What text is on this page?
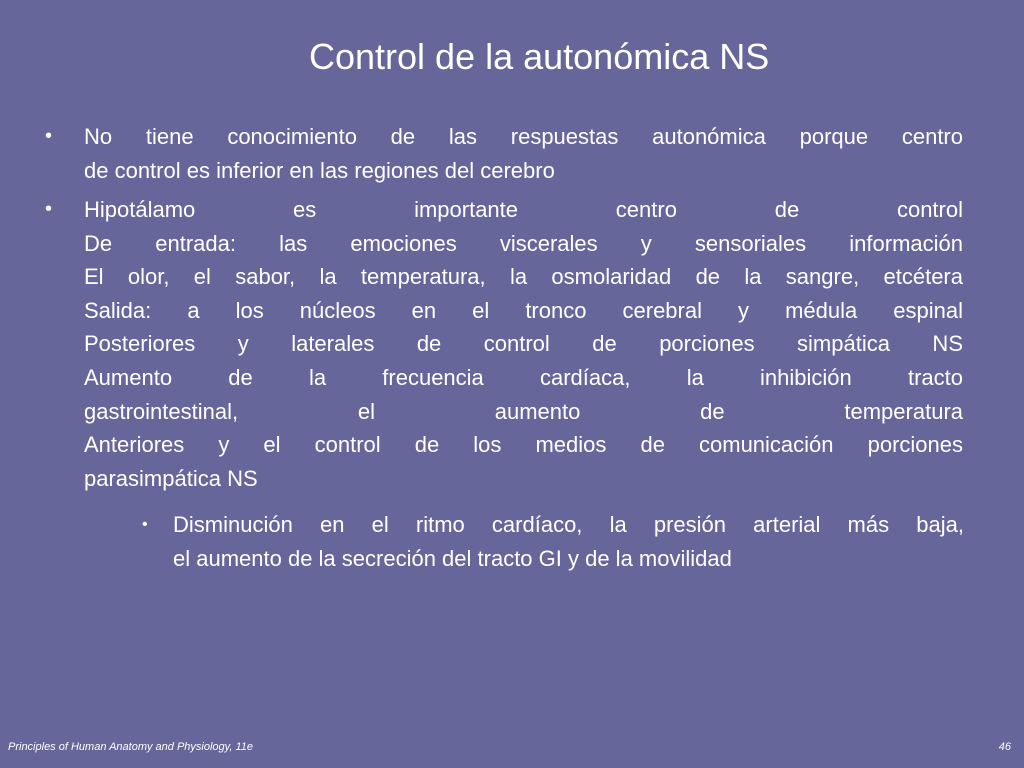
Control de la autonómica NS
•	No tiene conocimiento de las respuestas autonómica porque centro
de control es inferior en las regiones del cerebro
•	Hipotálamo es importante centro de control
De entrada: las emociones viscerales y sensoriales información
El olor, el sabor, la temperatura, la osmolaridad de la sangre, etcétera
Salida: a los núcleos en el tronco cerebral y médula espinal
Posteriores y laterales de control de porciones simpática NS
Aumento de la frecuencia cardíaca, la inhibición tracto
gastrointestinal, el aumento de temperatura
Anteriores y el control de los medios de comunicación porciones
parasimpática NS
• Disminución en el ritmo cardíaco, la presión arterial más baja,
el aumento de la secreción del tracto GI y de la movilidad
Principles of Human Anatomy and Physiology, 11e	46
